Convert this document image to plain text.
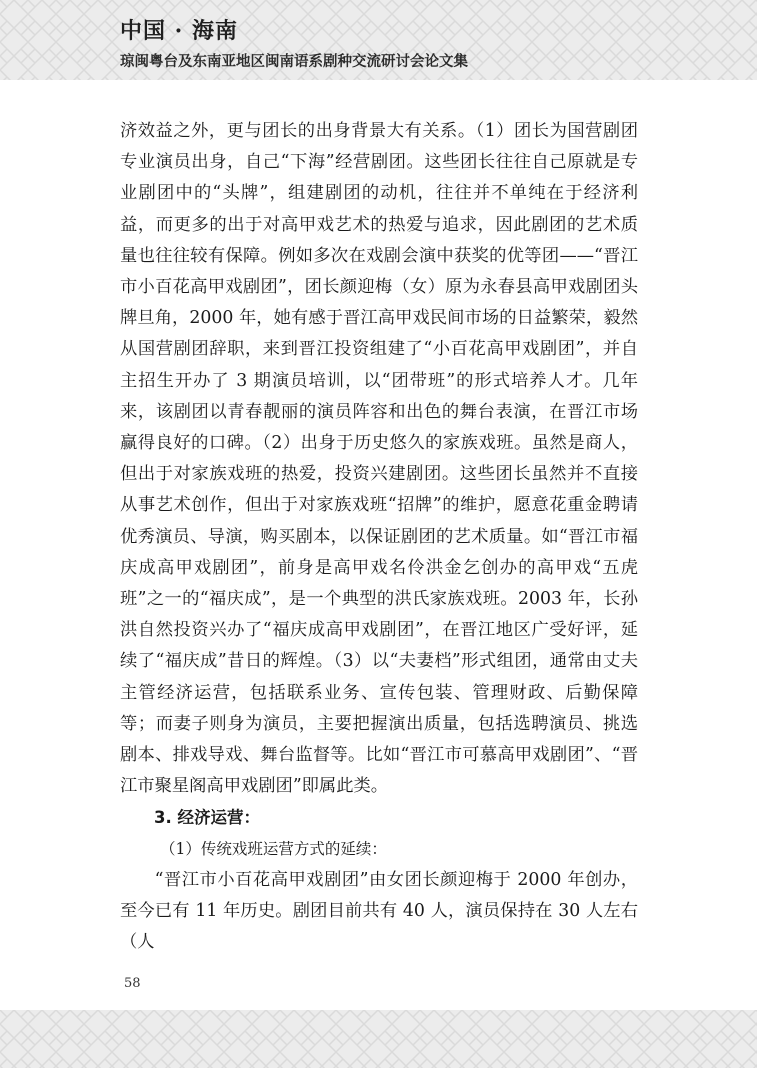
中国 · 海南
琼闽粤台及东南亚地区闽南语系剧种交流研讨会论文集

济效益之外，更与团长的出身背景大有关系。（1）团长为国营剧团专业演员出身，自己“下海”经营剧团。这些团长往往自己原就是专业剧团中的“头牌”，组建剧团的动机，往往并不单纯在于经济利益，而更多的出于对高甲戏艺术的热爱与追求，因此剧团的艺术质量也往往较有保障。例如多次在戏剧会演中获奖的优等团——“晋江市小百花高甲戏剧团”，团长颜迎梅（女）原为永春县高甲戏剧团头牌旦角，2000 年，她有感于晋江高甲戏民间市场的日益繁荣，毅然从国营剧团辞职，来到晋江投资组建了“小百花高甲戏剧团”，并自主招生开办了 3 期演员培训，以“团带班”的形式培养人才。几年来，该剧团以青春靓丽的演员阵容和出色的舞台表演，在晋江市场赢得良好的口碑。（2）出身于历史悠久的家族戏班。虽然是商人，但出于对家族戏班的热爱，投资兴建剧团。这些团长虽然并不直接从事艺术创作，但出于对家族戏班“招牌”的维护，愿意花重金聘请优秀演员、导演，购买剧本，以保证剧团的艺术质量。如“晋江市福庆成高甲戏剧团”，前身是高甲戏名伶洪金乞创办的高甲戏“五虎班”之一的“福庆成”，是一个典型的洪氏家族戏班。2003 年，长孙洪自然投资兴办了“福庆成高甲戏剧团”，在晋江地区广受好评，延续了“福庆成”昔日的辉煌。（3）以“夫妻档”形式组团，通常由丈夫主管经济运营，包括联系业务、宣传包装、管理财政、后勤保障等；而妻子则身为演员，主要把握演出质量，包括选聘演员、挑选剧本、排戏导戏、舞台监督等。比如“晋江市可慕高甲戏剧团”、“晋江市聚星阁高甲戏剧团”即属此类。

3. 经济运营：

（1）传统戏班运营方式的延续：

“晋江市小百花高甲戏剧团”由女团长颜迎梅于 2000 年创办，至今已有 11 年历史。剧团目前共有 40 人，演员保持在 30 人左右（人

58
